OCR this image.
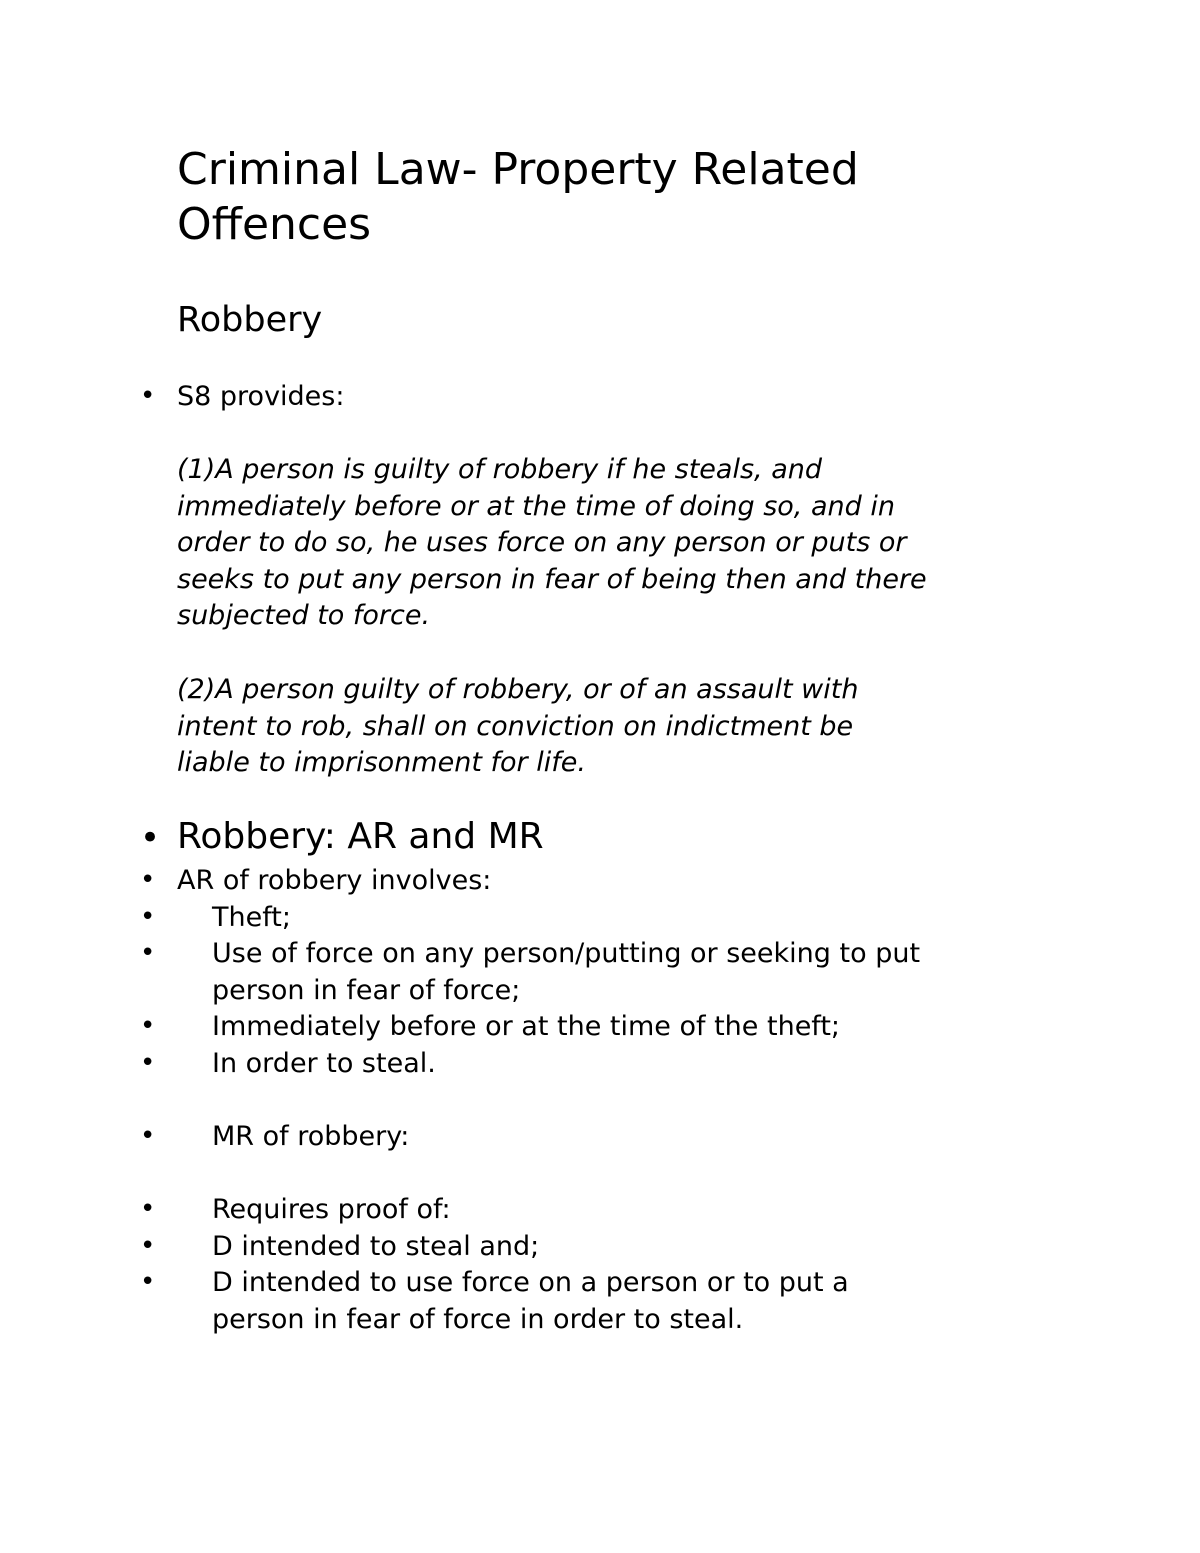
Criminal Law- Property Related
Offences
Robbery
• S8 provides:

(1)A person is guilty of robbery if he steals, and
immediately before or at the time of doing so, and in
order to do so, he uses force on any person or puts or
seeks to put any person in fear of being then and there
subjected to force.

(2)A person guilty of robbery, or of an assault with
intent to rob, shall on conviction on indictment be
liable to imprisonment for life.

• Robbery: AR and MR
• AR of robbery involves:
• Theft;
• Use of force on any person/putting or seeking to put
person in fear of force;
• Immediately before or at the time of the theft;
• In order to steal.
• MR of robbery:
• Requires proof of:
• D intended to steal and;
• D intended to use force on a person or to put a
person in fear of force in order to steal.
